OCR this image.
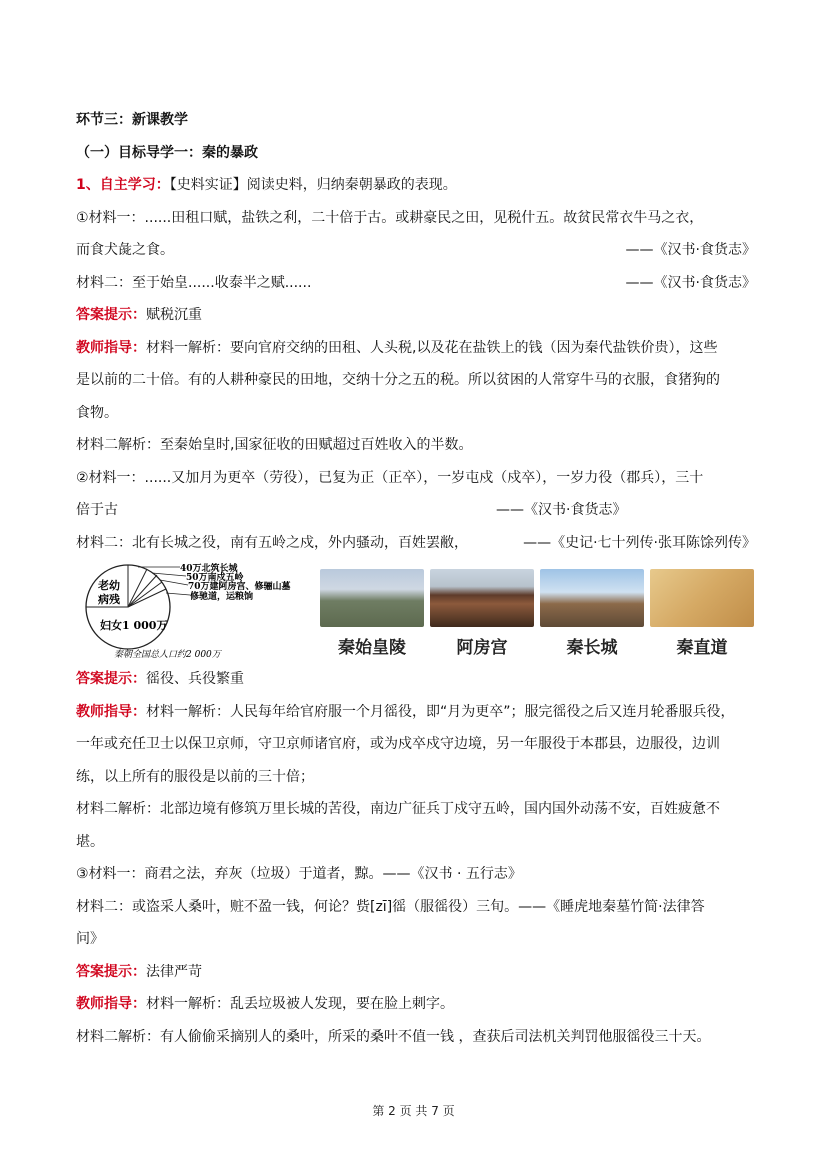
环节三：新课教学
（一）目标导学一：秦的暴政
1、自主学习：【史料实证】阅读史料，归纳秦朝暴政的表现。
①材料一：......田租口赋，盐铁之利，二十倍于古。或耕豪民之田，见税什五。故贫民常衣牛马之衣，
而食犬彘之食。	——《汉书·食货志》
材料二：至于始皇......收泰半之赋......	——《汉书·食货志》
答案提示：赋税沉重
教师指导：材料一解析：要向官府交纳的田租、人头税,以及花在盐铁上的钱（因为秦代盐铁价贵），这些
是以前的二十倍。有的人耕种豪民的田地，交纳十分之五的税。所以贫困的人常穿牛马的衣服，食猪狗的
食物。
材料二解析：至秦始皇时,国家征收的田赋超过百姓收入的半数。
②材料一：......又加月为更卒（劳役），已复为正（正卒），一岁屯戍（戍卒），一岁力役（郡兵），三十
倍于古	——《汉书·食货志》
材料二：北有长城之役，南有五岭之戍，外内骚动，百姓罢敝，	——《史记·七十列传·张耳陈馀列传》
40万北筑长城
50万南戍五岭
70万建阿房宫、修骊山墓
修驰道，运粮饷
老幼
病残
妇女1 000万
秦朝全国总人口约2 000万	秦始皇陵	阿房宫	秦长城	秦直道
答案提示：徭役、兵役繁重
教师指导：材料一解析：人民每年给官府服一个月徭役，即“月为更卒”；服完徭役之后又连月轮番服兵役，
一年或充任卫士以保卫京师，守卫京师诸官府，或为戍卒戍守边境，另一年服役于本郡县，边服役，边训
练，以上所有的服役是以前的三十倍；
材料二解析：北部边境有修筑万里长城的苦役，南边广征兵丁戍守五岭，国内国外动荡不安，百姓疲惫不
堪。
③材料一：商君之法，弃灰（垃圾）于道者，黥。——《汉书 · 五行志》
材料二：或盗采人桑叶，赃不盈一钱，何论？赀[zī]徭（服徭役）三旬。——《睡虎地秦墓竹简·法律答
问》
答案提示：法律严苛
教师指导：材料一解析：乱丢垃圾被人发现，要在脸上刺字。
材料二解析：有人偷偷采摘别人的桑叶，所采的桑叶不值一钱 ，查获后司法机关判罚他服徭役三十天。
第 2 页 共 7 页
